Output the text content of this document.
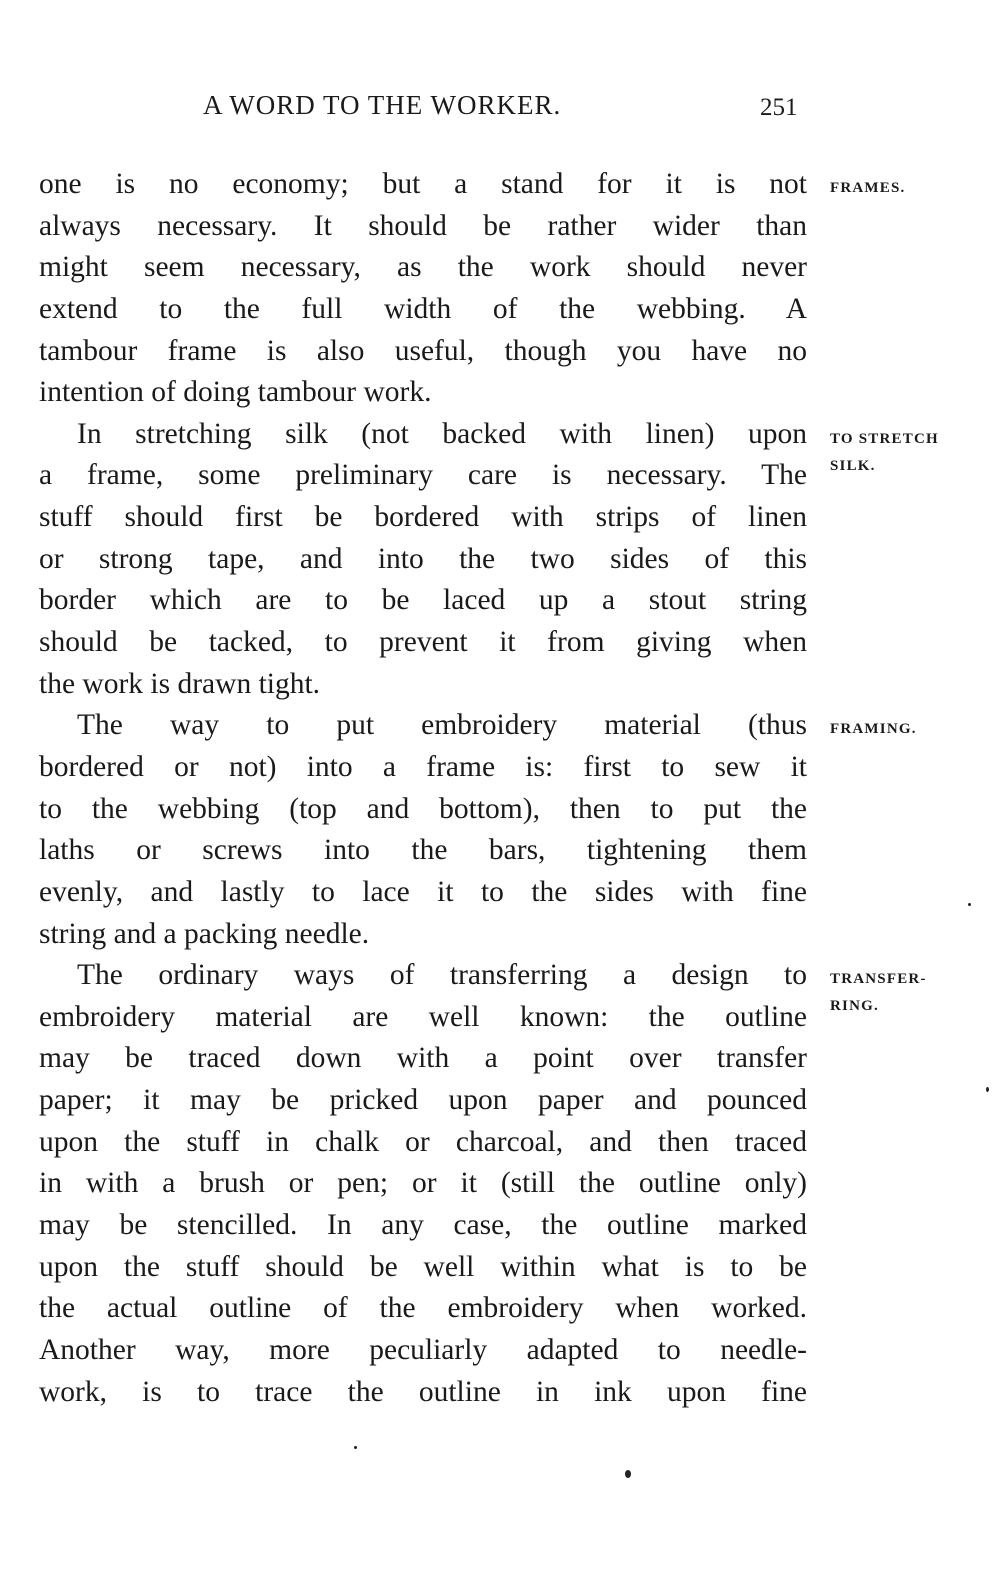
A WORD TO THE WORKER.	251
one is no economy; but a stand for it is not
always necessary. It should be rather wider than
might seem necessary, as the work should never
extend to the full width of the webbing. A
tambour frame is also useful, though you have no
intention of doing tambour work.
In stretching silk (not backed with linen) upon
a frame, some preliminary care is necessary. The
stuff should first be bordered with strips of linen
or strong tape, and into the two sides of this
border which are to be laced up a stout string
should be tacked, to prevent it from giving when
the work is drawn tight.
The way to put embroidery material (thus
bordered or not) into a frame is: first to sew it
to the webbing (top and bottom), then to put the
laths or screws into the bars, tightening them
evenly, and lastly to lace it to the sides with fine
string and a packing needle.
The ordinary ways of transferring a design to
embroidery material are well known: the outline
may be traced down with a point over transfer
paper; it may be pricked upon paper and pounced
upon the stuff in chalk or charcoal, and then traced
in with a brush or pen; or it (still the outline only)
may be stencilled. In any case, the outline marked
upon the stuff should be well within what is to be
the actual outline of the embroidery when worked.
Another way, more peculiarly adapted to needle-
work, is to trace the outline in ink upon fine
FRAMES.
TO STRETCH
SILK.
FRAMING.
TRANSFER-
RING.
